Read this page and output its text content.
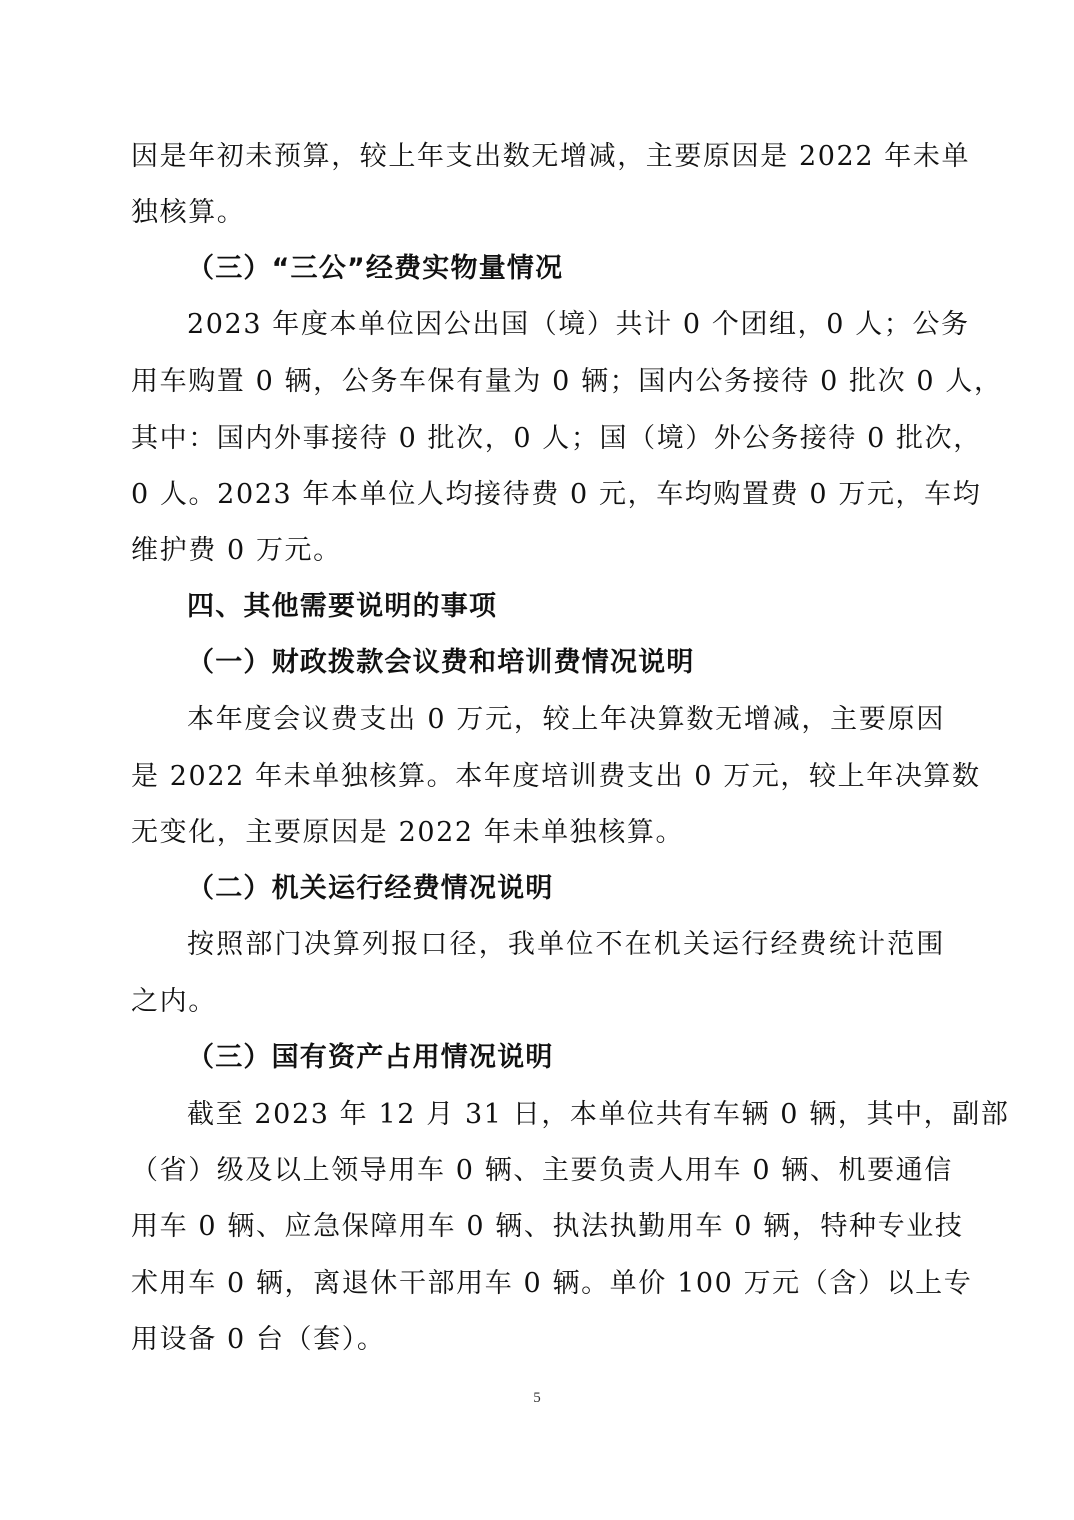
因是年初未预算，较上年支出数无增减，主要原因是 2022 年未单
独核算。
（三）“三公”经费实物量情况
2023 年度本单位因公出国（境）共计 0 个团组，0 人；公务
用车购置 0 辆，公务车保有量为 0 辆；国内公务接待 0 批次 0 人，
其中：国内外事接待 0 批次，0 人；国（境）外公务接待 0 批次，
0 人。2023 年本单位人均接待费 0 元，车均购置费 0 万元，车均
维护费 0 万元。
四、其他需要说明的事项
（一）财政拨款会议费和培训费情况说明
本年度会议费支出 0 万元，较上年决算数无增减，主要原因
是 2022 年未单独核算。本年度培训费支出 0 万元，较上年决算数
无变化，主要原因是 2022 年未单独核算。
（二）机关运行经费情况说明
按照部门决算列报口径，我单位不在机关运行经费统计范围
之内。
（三）国有资产占用情况说明
截至 2023 年 12 月 31 日，本单位共有车辆 0 辆，其中，副部
（省）级及以上领导用车 0 辆、主要负责人用车 0 辆、机要通信
用车 0 辆、应急保障用车 0 辆、执法执勤用车 0 辆，特种专业技
术用车 0 辆，离退休干部用车 0 辆。单价 100 万元（含）以上专
用设备 0 台（套）。
5
